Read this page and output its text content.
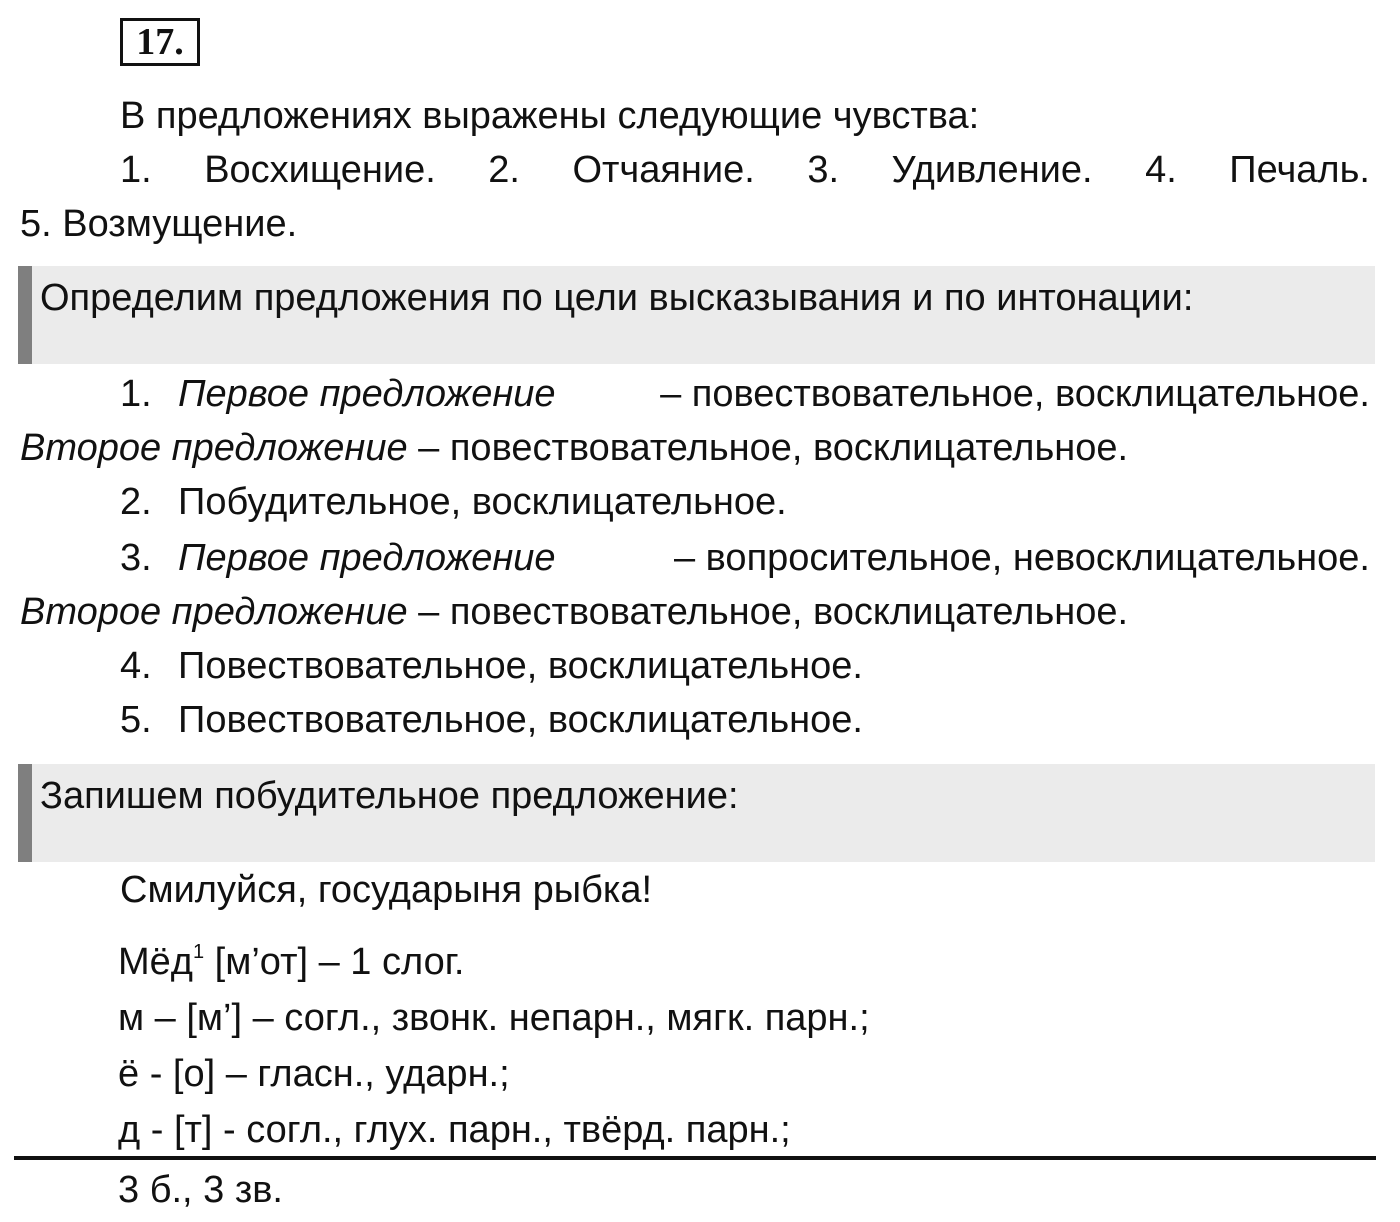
17.
В предложениях выражены следующие чувства:
1. Восхищение. 2. Отчаяние. 3. Удивление. 4. Печаль.
5. Возмущение.
Определим предложения по цели высказывания и по интонации:
1. Первое предложение	– повествовательное, восклицательное.
Второе предложение – повествовательное, восклицательное.
2. Побудительное, восклицательное.
3. Первое предложение	– вопросительное, невосклицательное.
Второе предложение – повествовательное, восклицательное.
4. Повествовательное, восклицательное.
5. Повествовательное, восклицательное.
Запишем побудительное предложение:
Смилуйся, государыня рыбка!
Мёд$^1$ [м’от] – 1 слог.
м – [м’] – согл., звонк. непарн., мягк. парн.;
ё - [о] – гласн., ударн.;
д - [т] - согл., глух. парн., твёрд. парн.;
3 б., 3 зв.
